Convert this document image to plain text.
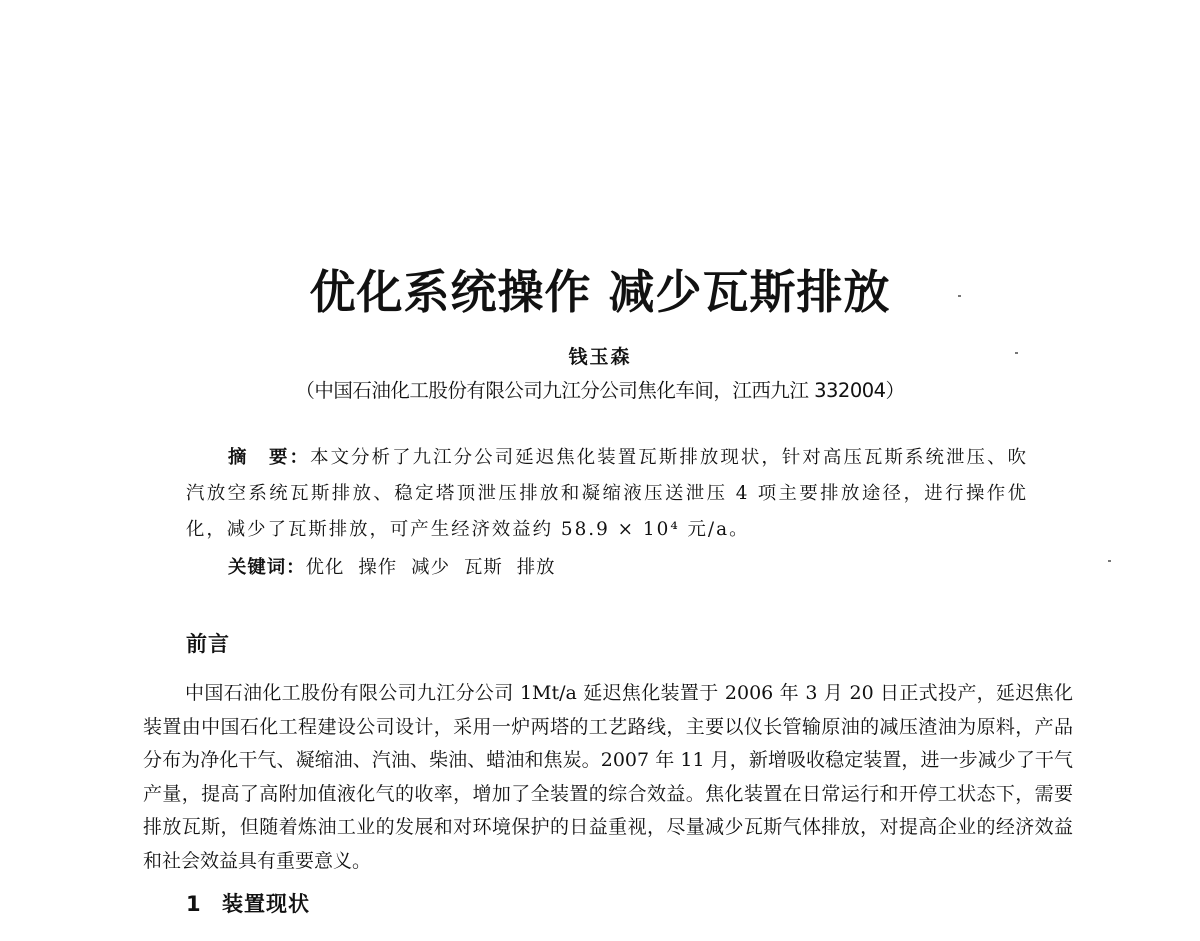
优化系统操作 减少瓦斯排放
钱玉森
（中国石油化工股份有限公司九江分公司焦化车间，江西九江 332004）

摘　要：本文分析了九江分公司延迟焦化装置瓦斯排放现状，针对高压瓦斯系统泄压、吹汽放空系统瓦斯排放、稳定塔顶泄压排放和凝缩液压送泄压 4 项主要排放途径，进行操作优化，减少了瓦斯排放，可产生经济效益约 58.9 × 10⁴ 元/a。

关键词：优化 操作 减少 瓦斯 排放
前言

中国石油化工股份有限公司九江分公司 1Mt/a 延迟焦化装置于 2006 年 3 月 20 日正式投产，延迟焦化装置由中国石化工程建设公司设计，采用一炉两塔的工艺路线，主要以仪长管输原油的减压渣油为原料，产品分布为净化干气、凝缩油、汽油、柴油、蜡油和焦炭。2007 年 11 月，新增吸收稳定装置，进一步减少了干气产量，提高了高附加值液化气的收率，增加了全装置的综合效益。焦化装置在日常运行和开停工状态下，需要排放瓦斯，但随着炼油工业的发展和对环境保护的日益重视，尽量减少瓦斯气体排放，对提高企业的经济效益和社会效益具有重要意义。

1 装置现状
